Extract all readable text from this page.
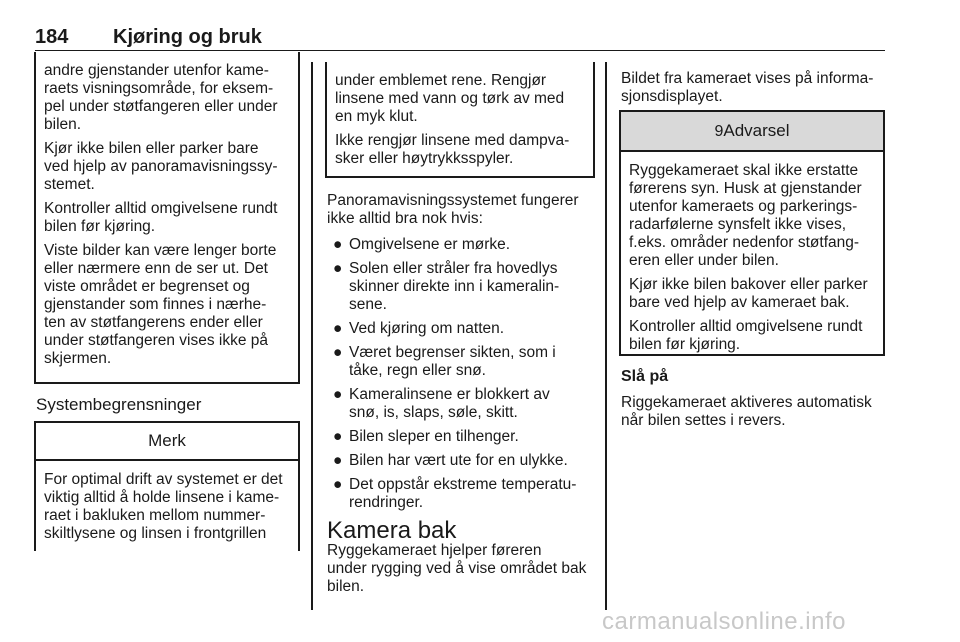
184 Kjøring og bruk

andre gjenstander utenfor kame-
raets visningsområde, for eksem-
pel under støtfangeren eller under
bilen.

Kjør ikke bilen eller parker bare
ved hjelp av panoramavisningssy-
stemet.

Kontroller alltid omgivelsene rundt
bilen før kjøring.

Viste bilder kan være lenger borte
eller nærmere enn de ser ut. Det
viste området er begrenset og
gjenstander som finnes i nærhe-
ten av støtfangerens ender eller
under støtfangeren vises ikke på
skjermen.

Systembegrensninger
Merk
For optimal drift av systemet er det
viktig alltid å holde linsene i kame-
raet i bakluken mellom nummer-
skiltlysene og linsen i frontgrillen

under emblemet rene. Rengjør
linsene med vann og tørk av med
en myk klut.

Ikke rengjør linsene med dampva-
sker eller høytrykksspyler.

Panoramavisningssystemet fungerer
ikke alltid bra nok hvis:

● Omgivelsene er mørke.
● Solen eller stråler fra hovedlys
skinner direkte inn i kameralin-
sene.
● Ved kjøring om natten.
● Været begrenser sikten, som i
tåke, regn eller snø.
● Kameralinsene er blokkert av
snø, is, slaps, søle, skitt.
● Bilen sleper en tilhenger.
● Bilen har vært ute for en ulykke.
● Det oppstår ekstreme temperatu-
rendringer.
Kamera bak

Ryggekameraet hjelper føreren
under rygging ved å vise området bak
bilen.

Bildet fra kameraet vises på informa-
sjonsdisplayet.

9Advarsel

Ryggekameraet skal ikke erstatte
førerens syn. Husk at gjenstander
utenfor kameraets og parkerings-
radarfølerne synsfelt ikke vises,
f.eks. områder nedenfor støtfang-
eren eller under bilen.

Kjør ikke bilen bakover eller parker
bare ved hjelp av kameraet bak.

Kontroller alltid omgivelsene rundt
bilen før kjøring.

Slå på

Riggekameraet aktiveres automatisk
når bilen settes i revers.

carmanualsonline.info
